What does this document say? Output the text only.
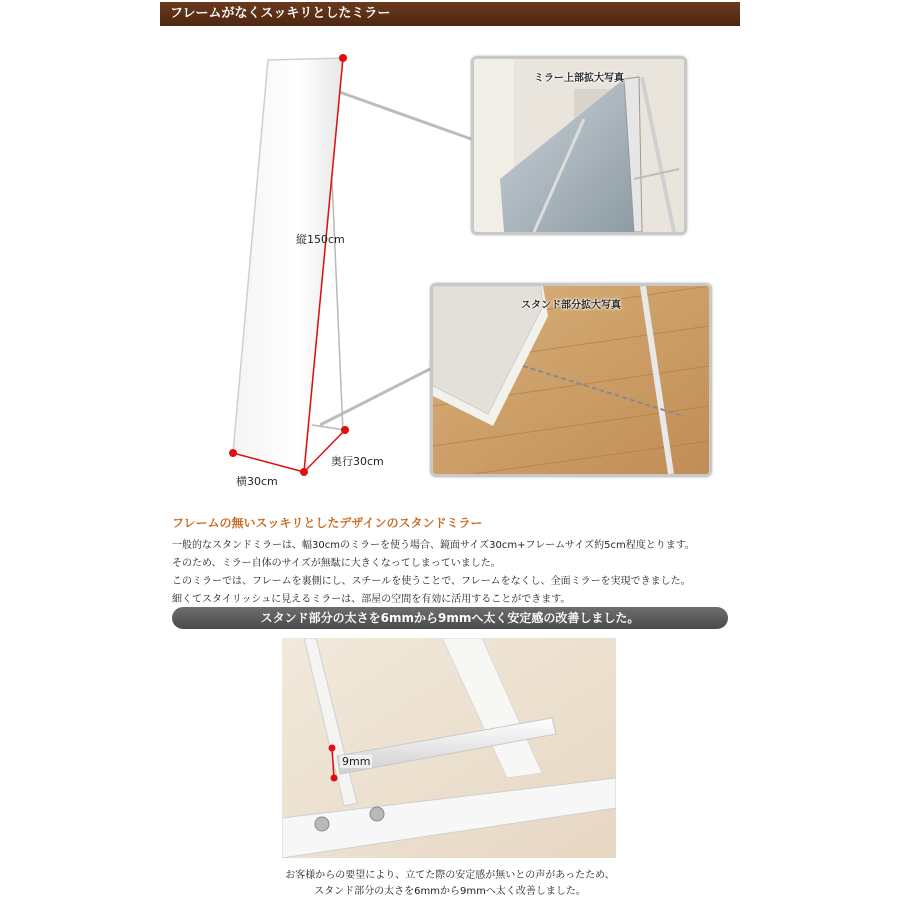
フレームがなくスッキリとしたミラー
縦150cm
横30cm
奥行30cm
ミラー上部拡大写真
スタンド部分拡大写真
フレームの無いスッキリとしたデザインのスタンドミラー
一般的なスタンドミラーは、幅30cmのミラーを使う場合、鏡面サイズ30cm+フレームサイズ約5cm程度とります。
そのため、ミラー自体のサイズが無駄に大きくなってしまっていました。
このミラーでは、フレームを裏側にし、スチールを使うことで、フレームをなくし、全面ミラーを実現できました。
細くてスタイリッシュに見えるミラーは、部屋の空間を有効に活用することができます。
スタンド部分の太さを6mmから9mmへ太く安定感の改善しました。
9mm
お客様からの要望により、立てた際の安定感が無いとの声があったため、
スタンド部分の太さを6mmから9mmへ太く改善しました。
